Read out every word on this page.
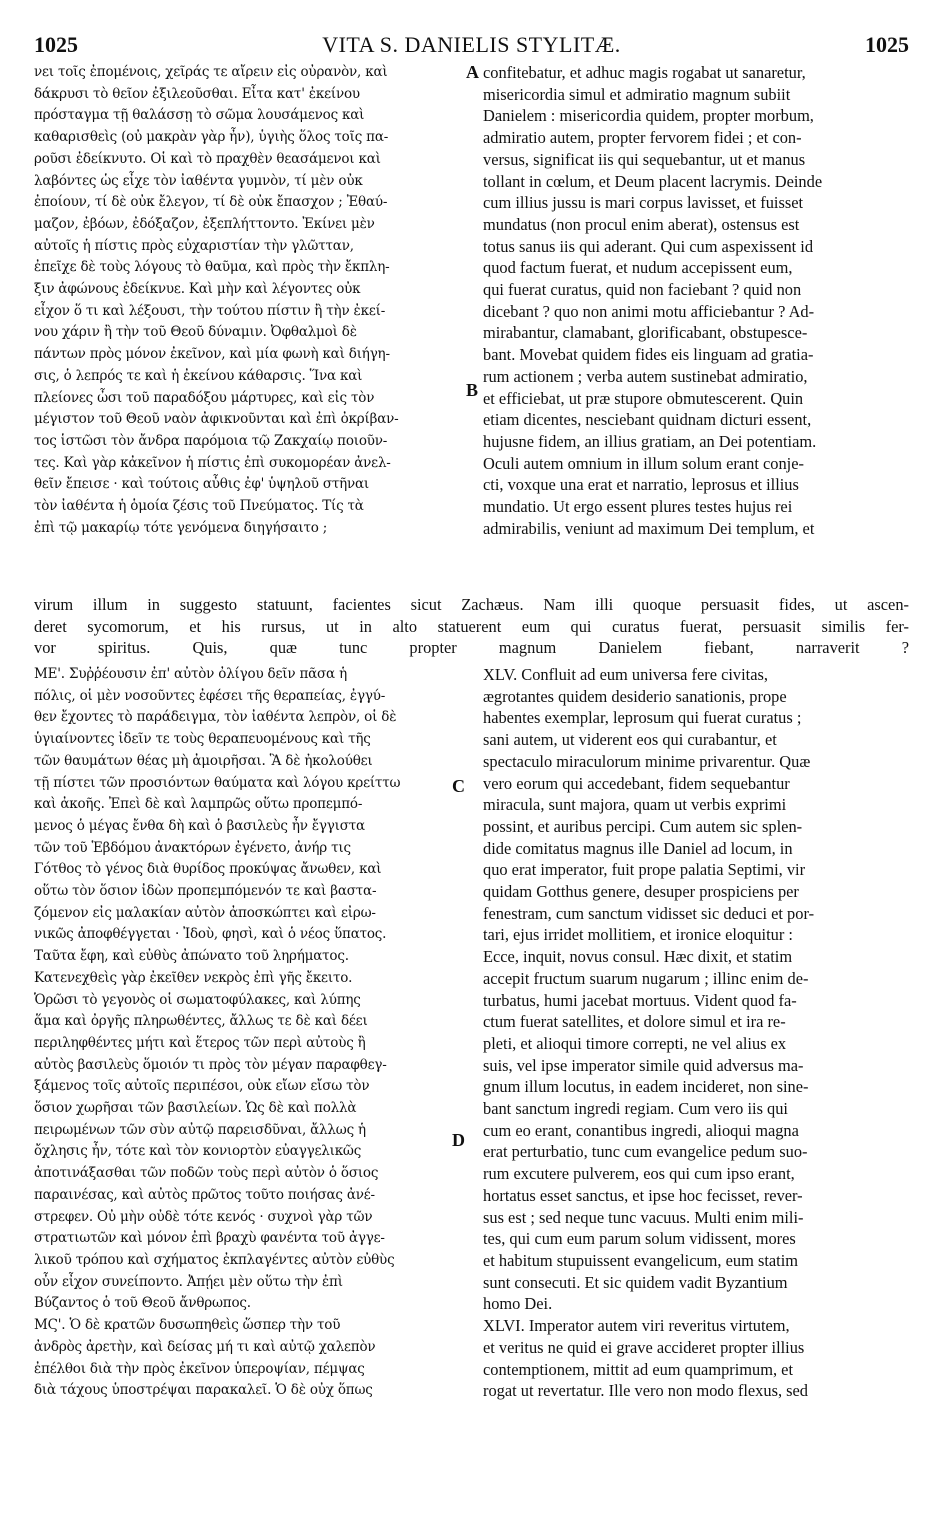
1025	VITA S. DANIELIS STYLITÆ.	1025
νει τοῖς ἐπομένοις, χεῖράς τε αἴρειν εἰς οὐρανὸν, καὶ
δάκρυσι τὸ θεῖον ἐξιλεοῦσθαι. Εἶτα κατ' ἐκείνου
πρόσταγμα τῇ θαλάσσῃ τὸ σῶμα λουσάμενος καὶ
καθαρισθεὶς (οὐ μακρὰν γὰρ ἦν), ὑγιὴς ὅλος τοῖς πα-
ροῦσι ἐδείκνυτο. Οἱ καὶ τὸ πραχθὲν θεασάμενοι καὶ
λαβόντες ὡς εἶχε τὸν ἰαθέντα γυμνὸν, τί μὲν οὐκ
ἐποίουν, τί δὲ οὐκ ἔλεγον, τί δὲ οὐκ ἔπασχον ; Ἐθαύ-
μαζον, ἐβόων, ἐδόξαζον, ἐξεπλήττοντο. Ἐκίνει μὲν
αὐτοῖς ἡ πίστις πρὸς εὐχαριστίαν τὴν γλῶτταν,
ἐπεῖχε δὲ τοὺς λόγους τὸ θαῦμα, καὶ πρὸς τὴν ἔκπλη-
ξιν ἀφώνους ἐδείκνυε. Καὶ μὴν καὶ λέγοντες οὐκ
εἶχον ὅ τι καὶ λέξουσι, τὴν τούτου πίστιν ἢ τὴν ἐκεί-
νου χάριν ἢ τὴν τοῦ Θεοῦ δύναμιν. Ὀφθαλμοὶ δὲ
πάντων πρὸς μόνον ἐκεῖνον, καὶ μία φωνὴ καὶ διήγη-
σις, ὁ λεπρός τε καὶ ἡ ἐκείνου κάθαρσις. Ἵνα καὶ
πλείονες ὦσι τοῦ παραδόξου μάρτυρες, καὶ εἰς τὸν
μέγιστον τοῦ Θεοῦ ναὸν ἀφικνοῦνται καὶ ἐπὶ ὀκρίβαν-
τος ἱστῶσι τὸν ἄνδρα παρόμοια τῷ Ζακχαίῳ ποιοῦν-
τες. Καὶ γὰρ κἀκεῖνον ἡ πίστις ἐπὶ συκομορέαν ἀνελ-
θεῖν ἔπεισε · καὶ τούτοις αὖθις ἐφ' ὑψηλοῦ στῆναι
τὸν ἰαθέντα ἡ ὁμοία ζέσις τοῦ Πνεύματος. Τίς τὰ
ἐπὶ τῷ μακαρίῳ τότε γενόμενα διηγήσαιτο ;
confitebatur, et adhuc magis rogabat ut sanaretur,
misericordia simul et admiratio magnum subiit
Danielem : misericordia quidem, propter morbum,
admiratio autem, propter fervorem fidei ; et con-
versus, significat iis qui sequebantur, ut et manus
tollant in cœlum, et Deum placent lacrymis. Deinde
cum illius jussu is mari corpus lavisset, et fuisset
mundatus (non procul enim aberat), ostensus est
totus sanus iis qui aderant. Qui cum aspexissent id
quod factum fuerat, et nudum accepissent eum,
qui fuerat curatus, quid non faciebant ? quid non
dicebant ? quo non animi motu afficiebantur ? Ad-
mirabantur, clamabant, glorificabant, obstupesce-
bant. Movebat quidem fides eis linguam ad gratia-
rum actionem ; verba autem sustinebat admiratio,
et efficiebat, ut præ stupore obmutescerent. Quin
etiam dicentes, nesciebant quidnam dicturi essent,
hujusne fidem, an illius gratiam, an Dei potentiam.
Oculi autem omnium in illum solum erant conje-
cti, voxque una erat et narratio, leprosus et illius
mundatio. Ut ergo essent plures testes hujus rei
admirabilis, veniunt ad maximum Dei templum, et
virum illum in suggesto statuunt, facientes sicut Zachæus. Nam illi quoque persuasit fides, ut ascen-
deret sycomorum, et his rursus, ut in alto statuerent eum qui curatus fuerat, persuasit similis fer-
vor spiritus. Quis, quæ tunc propter magnum Danielem fiebant, narraverit ?
ΜΕ'. Συῤῥέουσιν ἐπ' αὐτὸν ὀλίγου δεῖν πᾶσα ἡ
πόλις, οἱ μὲν νοσοῦντες ἐφέσει τῆς θεραπείας, ἐγγύ-
θεν ἔχοντες τὸ παράδειγμα, τὸν ἰαθέντα λεπρὸν, οἱ δὲ
ὑγιαίνοντες ἰδεῖν τε τοὺς θεραπευομένους καὶ τῆς
τῶν θαυμάτων θέας μὴ ἀμοιρῆσαι. Ἃ δὲ ἠκολούθει
τῇ πίστει τῶν προσιόντων θαύματα καὶ λόγου κρείττω
καὶ ἀκοῆς. Ἐπεὶ δὲ καὶ λαμπρῶς οὕτω προπεμπό-
μενος ὁ μέγας ἔνθα δὴ καὶ ὁ βασιλεὺς ἦν ἔγγιστα
τῶν τοῦ Ἑβδόμου ἀνακτόρων ἐγένετο, ἀνήρ τις
Γότθος τὸ γένος διὰ θυρίδος προκύψας ἄνωθεν, καὶ
οὕτω τὸν ὅσιον ἰδὼν προπεμπόμενόν τε καὶ βαστα-
ζόμενον εἰς μαλακίαν αὐτὸν ἀποσκώπτει καὶ εἰρω-
νικῶς ἀποφθέγγεται · Ἰδοὺ, φησὶ, καὶ ὁ νέος ὕπατος.
Ταῦτα ἔφη, καὶ εὐθὺς ἀπώνατο τοῦ ληρήματος.
Κατενεχθεὶς γὰρ ἐκεῖθεν νεκρὸς ἐπὶ γῆς ἔκειτο.
Ὁρῶσι τὸ γεγονὸς οἱ σωματοφύλακες, καὶ λύπης
ἅμα καὶ ὀργῆς πληρωθέντες, ἄλλως τε δὲ καὶ δέει
περιληφθέντες μήτι καὶ ἕτερος τῶν περὶ αὐτοὺς ἢ
αὐτὸς βασιλεὺς ὅμοιόν τι πρὸς τὸν μέγαν παραφθεγ-
ξάμενος τοῖς αὐτοῖς περιπέσοι, οὐκ εἴων εἴσω τὸν
ὅσιον χωρῆσαι τῶν βασιλείων. Ὡς δὲ καὶ πολλὰ
πειρωμένων τῶν σὺν αὐτῷ παρεισδῦναι, ἄλλως ἡ
ὄχλησις ἦν, τότε καὶ τὸν κονιορτὸν εὐαγγελικῶς
ἀποτινάξασθαι τῶν ποδῶν τοὺς περὶ αὐτὸν ὁ ὅσιος
παραινέσας, καὶ αὐτὸς πρῶτος τοῦτο ποιήσας ἀνέ-
στρεφεν. Οὐ μὴν οὐδὲ τότε κενός · συχνοὶ γὰρ τῶν
στρατιωτῶν καὶ μόνον ἐπὶ βραχὺ φανέντα τοῦ ἀγγε-
λικοῦ τρόπου καὶ σχήματος ἐκπλαγέντες αὐτὸν εὐθὺς
οὖν εἶχον συνείποντο. Ἀπῄει μὲν οὕτω τὴν ἐπὶ
Βύζαντος ὁ τοῦ Θεοῦ ἄνθρωπος.
ΜϚ'. Ὁ δὲ κρατῶν δυσωπηθεὶς ὥσπερ τὴν τοῦ
ἀνδρὸς ἀρετὴν, καὶ δείσας μή τι καὶ αὐτῷ χαλεπὸν
ἐπέλθοι διὰ τὴν πρὸς ἐκεῖνον ὑπεροψίαν, πέμψας
διὰ τάχους ὑποστρέψαι παρακαλεῖ. Ὁ δὲ οὐχ ὅπως
XLV. Confluit ad eum universa fere civitas,
ægrotantes quidem desiderio sanationis, prope
habentes exemplar, leprosum qui fuerat curatus ;
sani autem, ut viderent eos qui curabantur, et
spectaculo miraculorum minime privarentur. Quæ
vero eorum qui accedebant, fidem sequebantur
miracula, sunt majora, quam ut verbis exprimi
possint, et auribus percipi. Cum autem sic splen-
dide comitatus magnus ille Daniel ad locum, in
quo erat imperator, fuit prope palatia Septimi, vir
quidam Gotthus genere, desuper prospiciens per
fenestram, cum sanctum vidisset sic deduci et por-
tari, ejus irridet mollitiem, et ironice eloquitur :
Ecce, inquit, novus consul. Hæc dixit, et statim
accepit fructum suarum nugarum ; illinc enim de-
turbatus, humi jacebat mortuus. Vident quod fa-
ctum fuerat satellites, et dolore simul et ira re-
pleti, et alioqui timore correpti, ne vel alius ex
suis, vel ipse imperator simile quid adversus ma-
gnum illum locutus, in eadem incideret, non sine-
bant sanctum ingredi regiam. Cum vero iis qui
cum eo erant, conantibus ingredi, alioqui magna
erat perturbatio, tunc cum evangelice pedum suo-
rum excutere pulverem, eos qui cum ipso erant,
hortatus esset sanctus, et ipse hoc fecisset, rever-
sus est ; sed neque tunc vacuus. Multi enim mili-
tes, qui cum eum parum solum vidissent, mores
et habitum stupuissent evangelicum, eum statim
sunt consecuti. Et sic quidem vadit Byzantium
homo Dei.
XLVI. Imperator autem viri reveritus virtutem,
et veritus ne quid ei grave accideret propter illius
contemptionem, mittit ad eum quamprimum, et
rogat ut revertatur. Ille vero non modo flexus, sed
A
B
C
D
